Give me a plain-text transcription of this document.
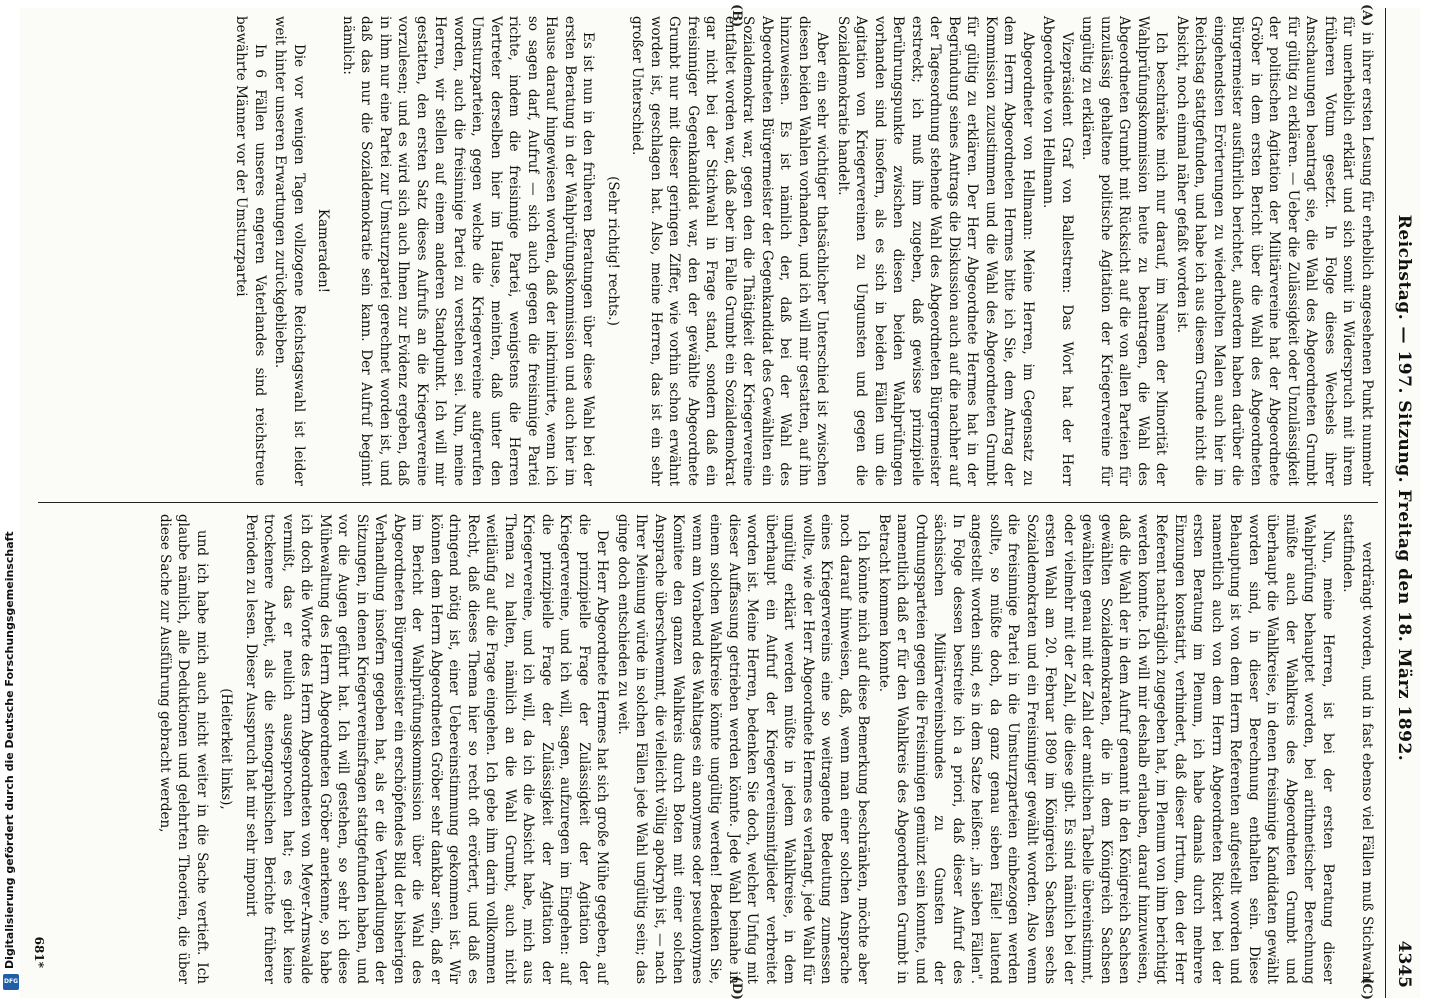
Digitalisierung gefördert durch die Deutsche Forschungsgemeinschaft
DFG
Reichstag. — 197. Sitzung. Freitag den 18. März 1892.
4345
(A)
(B)
(C)
(D)

in ihrer ersten Lesung für erheblich angesehenen Punkt nunmehr für unerheblich erklärt und sich somit in Widerspruch mit ihrem früheren Votum gesetzt. In Folge dieses Wechsels ihrer Anschauungen beantragt sie, die Wahl des Abgeordneten Grumbt für gültig zu erklären. — Ueber die Zulässigkeit oder Unzulässigkeit der politischen Agitation der Militärvereine hat der Abgeordnete Gröber in dem ersten Bericht über die Wahl des Abgeordneten Bürgermeister ausführlich berichtet, außerdem haben darüber die eingehendsten Erörterungen zu wiederholten Malen auch hier im Reichstag stattgefunden, und habe ich aus diesem Grunde nicht die Absicht, noch einmal näher gefaßt worden ist.

Ich beschränke mich nur darauf, im Namen der Minorität der Wahlprüfungskommission heute zu beantragen, die Wahl des Abgeordneten Grumbt mit Rücksicht auf die von allen Parteien für unzulässig gehaltene politische Agitation der Kriegervereine für ungültig zu erklären.

Vizepräsident Graf von Ballestrem: Das Wort hat der Herr Abgeordnete von Hellmann.

Abgeordneter von Hellmann: Meine Herren, im Gegensatz zu dem Herrn Abgeordneten Hermes bitte ich Sie, dem Antrag der Kommission zuzustimmen und die Wahl des Abgeordneten Grumbt für gültig zu erklären. Der Herr Abgeordnete Hermes hat in der Begründung seines Antrags die Diskussion auch auf die nachher auf der Tagesordnung stehende Wahl des Abgeordneten Bürgermeister erstreckt; ich muß ihm zugeben, daß gewisse prinzipielle Berührungspunkte zwischen diesen beiden Wahlprüfungen vorhanden sind insofern, als es sich in beiden Fällen um die Agitation von Kriegervereinen zu Ungunsten und gegen die Sozialdemokratie handelt.

Aber ein sehr wichtiger thatsächlicher Unterschied ist zwischen diesen beiden Wahlen vorhanden, und ich will mir gestatten, auf ihn hinzuweisen. Es ist nämlich der, daß bei der Wahl des Abgeordneten Bürgermeister der Gegenkandidat des Gewählten ein Sozialdemokrat war, gegen den die Thätigkeit der Kriegervereine entfaltet worden war, daß aber im Falle Grumbt ein Sozialdemokrat gar nicht bei der Stichwahl in Frage stand, sondern daß ein freisinniger Gegenkandidat war, den der gewählte Abgeordnete Grumbt nur mit dieser geringen Ziffer, wie vorhin schon erwähnt worden ist, geschlagen hat. Also, meine Herren, das ist ein sehr großer Unterschied.

(Sehr richtig! rechts.)

Es ist nun in den früheren Beratungen über diese Wahl bei der ersten Beratung in der Wahlprüfungskommission und auch hier im Hause darauf hingewiesen worden, daß der inkriminirte, wenn ich so sagen darf, Aufruf — sich auch gegen die freisinnige Partei richte, indem die freisinnige Partei, wenigstens die Herren Vertreter derselben hier im Hause, meinten, daß unter den Umsturzparteien, gegen welche die Kriegervereine aufgerufen worden, auch die freisinnige Partei zu verstehen sei. Nun, meine Herren, wir stellen auf einem anderen Standpunkt. Ich will mir gestatten, den ersten Satz dieses Aufrufs an die Kriegervereine vorzulesen; und es wird sich auch Ihnen zur Evidenz ergeben, daß in ihm nur eine Partei zur Umsturzpartei gerechnet worden ist, und daß das nur die Sozialdemokratie sein kann. Der Aufruf beginnt nämlich:

Kameraden!

Die vor wenigen Tagen vollzogene Reichstagswahl ist leider weit hinter unseren Erwartungen zurückgeblieben.

In 6 Fällen unseres engeren Vaterlandes sind reichstreue bewährte Männer vor der Umsturzpartei

verdrängt worden, und in fast ebenso viel Fällen muß Stichwahl stattfinden.

Nun, meine Herren, ist bei der ersten Beratung dieser Wahlprüfung behauptet worden, bei arithmetischer Berechnung müßte auch der Wahlkreis des Abgeordneten Grumbt und überhaupt die Wahlkreise, in denen freisinnige Kandidaten gewählt worden sind, in dieser Berechnung enthalten sein. Diese Behauptung ist von dem Herrn Referenten aufgestellt worden und namentlich auch von dem Herrn Abgeordneten Rickert bei der ersten Beratung im Plenum, ich habe damals durch mehrere Einzungen konstatirt, verhindert, daß dieser Irrtum, den der Herr Referent nachträglich zugegeben hat, im Plenum von ihm berichtigt werden konnte. Ich will mir deshalb erlauben, darauf hinzuweisen, daß die Wahl der in dem Aufruf genannt in den Königreich Sachsen gewählten Sozialdemokraten, die in dem Königreich Sachsen gewählten genau mit der Zahl der amtlichen Tabelle übereinstimmt, oder vielmehr mit der Zahl, die diese gibt. Es sind nämlich bei der ersten Wahl am 20. Februar 1890 im Königreich Sachsen sechs Sozialdemokraten und ein Freisinniger gewählt worden. Also wenn die freisinnige Partei in die Umsturzparteien einbezogen werden sollte, so müßte doch, da ganz genau sieben Fälle! lautend angestellt worden sind, es in dem Satze heißen: „in sieben Fällen". In Folge dessen bestreite ich a priori, daß dieser Aufruf des sächsischen Militärvereinsbundes zu Gunsten der Ordnungsparteien gegen die Freisinnigen gemünzt sein konnte, und namentlich daß er für den Wahlkreis des Abgeordneten Grumbt in Betracht kommen konnte.

Ich könnte mich auf diese Bemerkung beschränken, möchte aber noch darauf hinweisen, daß, wenn man einer solchen Ansprache eines Kriegervereins eine so weitragende Bedeutung zumessen wollte, wie der Herr Abgeordnete Hermes es verlangt, jede Wahl für ungültig erklärt werden müßte in jedem Wahlkreise, in dem überhaupt ein Aufruf der Kriegervereinsmitglieder verbreitet worden ist. Meine Herren, bedenken Sie doch, welcher Unfug mit dieser Auffassung getrieben werden könnte. Jede Wahl beinahe in einem solchen Wahlkreise könnte ungültig werden! Bedenken Sie, wenn am Vorabend des Wahltages ein anonymes oder pseudonymes Komitee den ganzen Wahlkreis durch Boten mit einer solchen Ansprache überschwemmt, die vielleicht völlig apokryph ist, — nach Ihrer Meinung würde in solchen Fällen jede Wahl ungültig sein; das ginge doch entschieden zu weit.

Der Herr Abgeordnete Hermes hat sich große Mühe gegeben, auf die prinzipielle Frage der Zulässigkeit der Agitation der Kriegervereine, und ich will, sagen, aufzuregen im Eingehen: auf die prinzipielle Frage der Zulässigkeit der Agitation der Kriegervereine, und ich will, da ich die Absicht habe, mich aus Thema zu halten, nämlich an die Wahl Grumbt, auch nicht weitläufig auf die Frage eingehen. Ich gebe ihm darin vollkommen Recht, daß dieses Thema hier so recht oft erörtert, und daß es dringend nötig ist, einer Uebereinstimmung gekommen ist. Wir können dem Herrn Abgeordneten Gröber sehr dankbar sein, daß er im Bericht der Wahlprüfungskommission über die Wahl des Abgeordneten Bürgermeister ein erschöpfendes Bild der bisherigen Verhandlung insofern gegeben hat, als er die Verhandlungen der Sitzungen, in denen Kriegervereinsfragen stattgefunden haben, und vor die Augen geführt hat. Ich will gestehen, so sehr ich diese Mühewaltung des Herrn Abgeordneten Gröber anerkenne, so habe ich doch die Worte des Herrn Abgeordneten von Meyer-Arnswalde vermißt, das er neulich ausgesprochen hat; es giebt keine trockenere Arbeit, als die stenographischen Berichte früherer Perioden zu lesen. Dieser Ausspruch hat mir sehr imponirt

(Heiterkeit links),

und ich habe mich auch nicht weiter in die Sache vertieft. Ich glaube nämlich, alle Deduktionen und gelehrten Theorien, die über diese Sache zur Ausführung gebracht werden,

681*
